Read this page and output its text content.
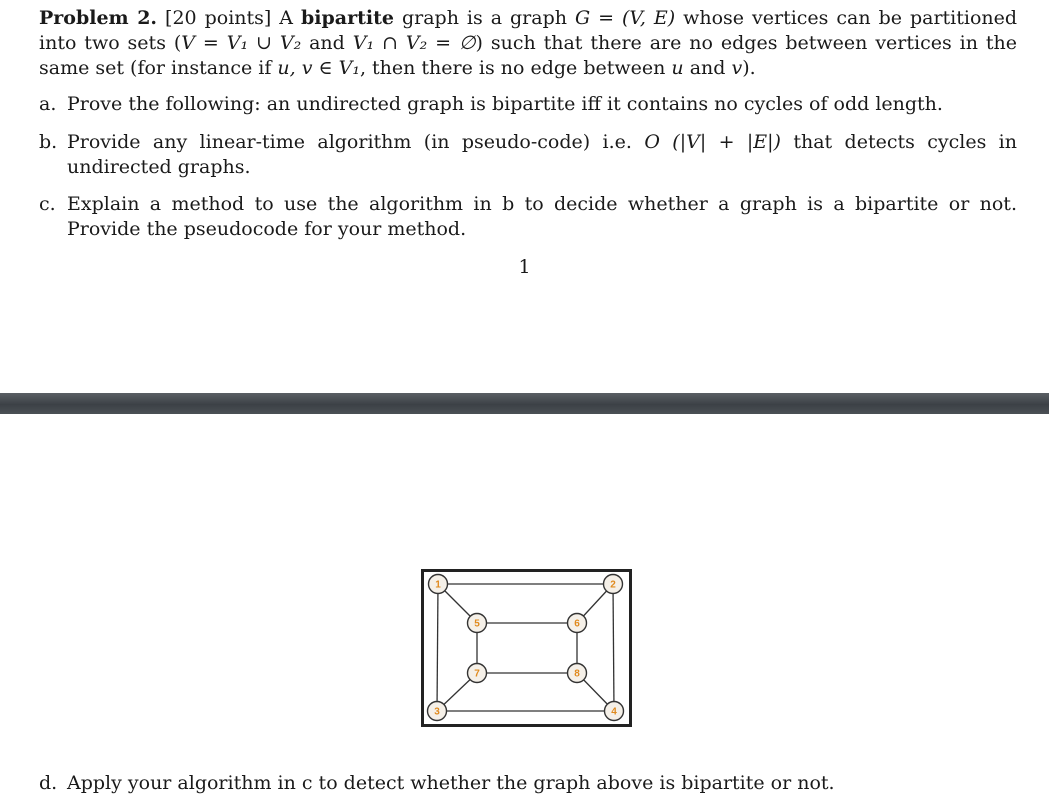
Problem 2. [20 points] A bipartite graph is a graph G = (V, E) whose vertices can be partitioned into two sets (V = V₁ ∪ V₂ and V₁ ∩ V₂ = ∅) such that there are no edges between vertices in the same set (for instance if u, v ∈ V₁, then there is no edge between u and v).
a. Prove the following: an undirected graph is bipartite iff it contains no cycles of odd length.
b. Provide any linear-time algorithm (in pseudo-code) i.e. O (|V| + |E|) that detects cycles in undirected graphs.
c. Explain a method to use the algorithm in b to decide whether a graph is a bipartite or not. Provide the pseudocode for your method.
1
1	2
3	4
5	6
7	8
d. Apply your algorithm in c to detect whether the graph above is bipartite or not.
